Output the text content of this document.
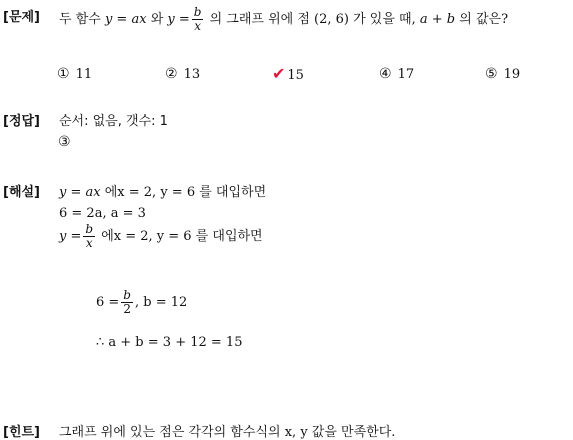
[문제] 두 함수 y = ax 와 $y = \frac{b}{x}$ 의 그래프 위에 점 (2, 6) 가 있을 때, a + b 의 값은?
① 11	② 13	✔ 15	④ 17	⑤ 19
[정답] 순서: 없음, 갯수: 1
③
[해설] y = ax 에x = 2, y = 6 를 대입하면
6 = 2a, a = 3
$y = \frac{b}{x}$ 에x = 2, y = 6 를 대입하면
$6 = \frac{b}{2}$ , b = 12
∴ a + b = 3 + 12 = 15
[힌트] 그래프 위에 있는 점은 각각의 함수식의 x, y 값을 만족한다.
